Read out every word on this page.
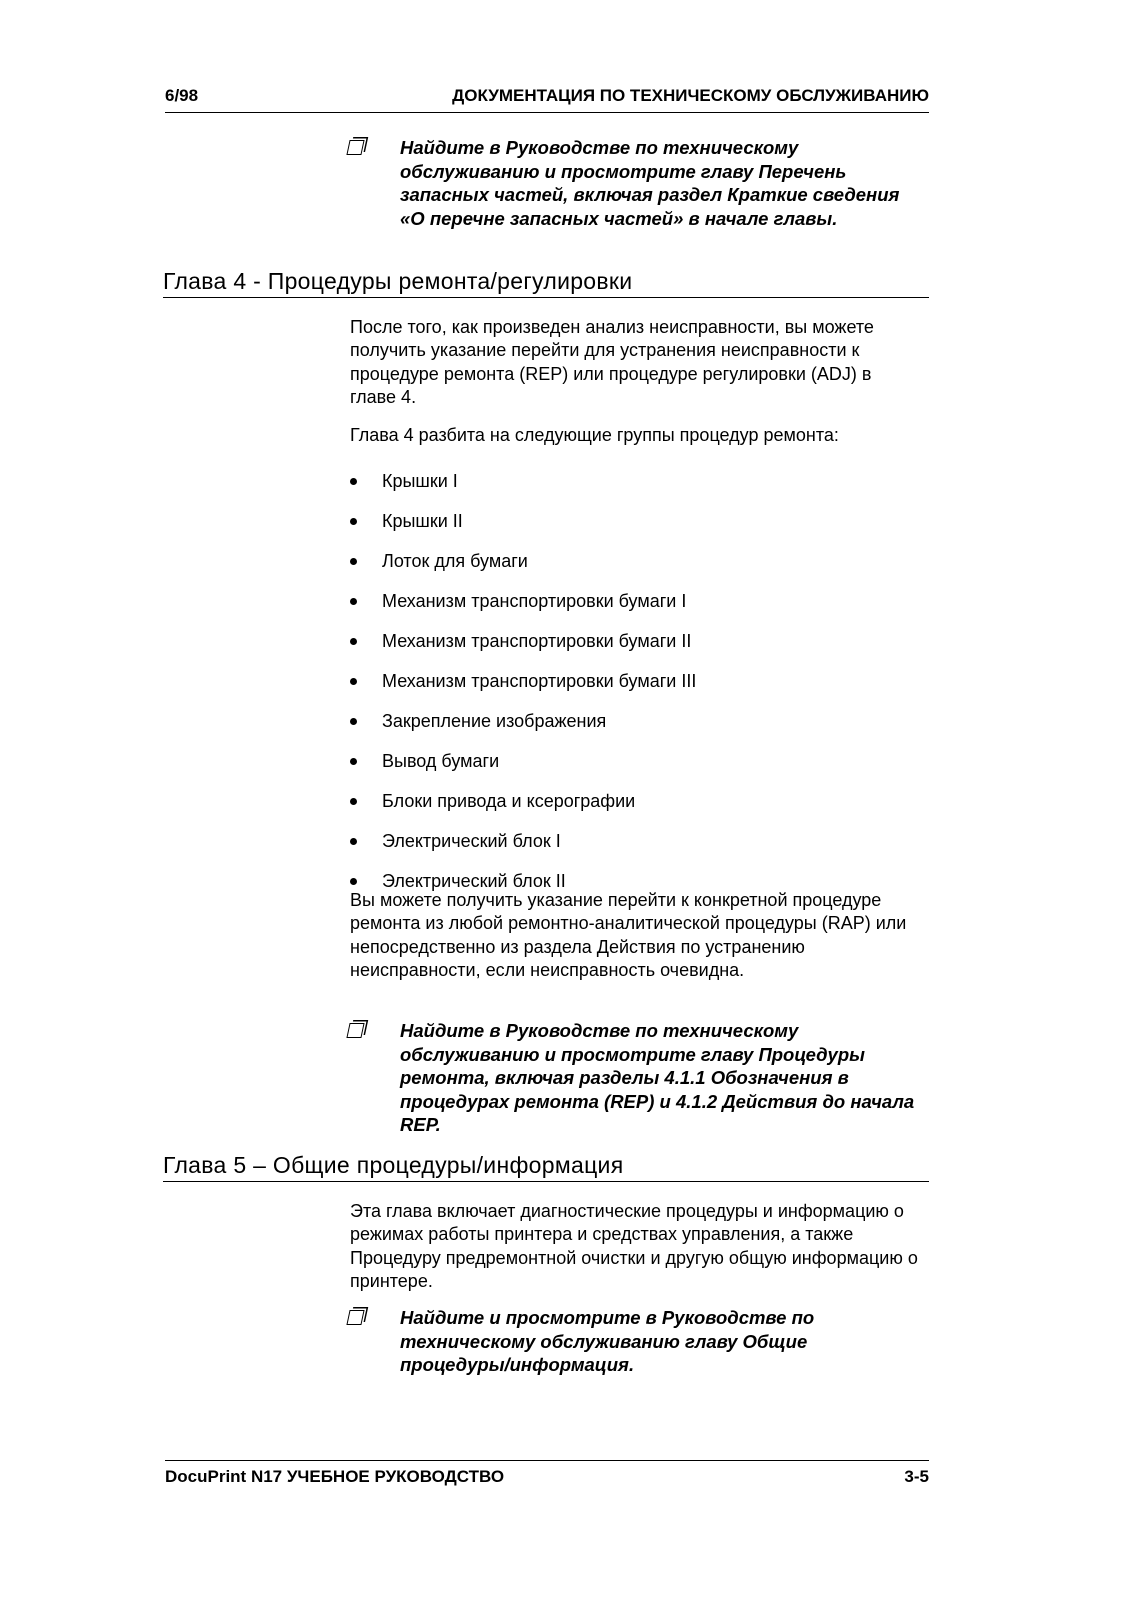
6/98	ДОКУМЕНТАЦИЯ ПО ТЕХНИЧЕСКОМУ ОБСЛУЖИВАНИЮ
Найдите в Руководстве по техническому обслуживанию и просмотрите главу Перечень запасных частей, включая раздел Краткие сведения «О перечне запасных частей» в начале главы.
Глава 4 - Процедуры ремонта/регулировки

После того, как произведен анализ неисправности, вы можете получить указание перейти для устранения неисправности к процедуре ремонта (REP) или процедуре регулировки (ADJ) в главе 4.

Глава 4 разбита на следующие группы процедур ремонта:

Крышки I
Крышки II
Лоток для бумаги
Механизм транспортировки бумаги I
Механизм транспортировки бумаги II
Механизм транспортировки бумаги III
Закрепление изображения
Вывод бумаги
Блоки привода и ксерографии
Электрический блок I
Электрический блок II

Вы можете получить указание перейти к конкретной процедуре ремонта из любой ремонтно-аналитической процедуры (RAP) или непосредственно из раздела Действия по устранению неисправности, если неисправность очевидна.

Найдите в Руководстве по техническому обслуживанию и просмотрите главу Процедуры ремонта, включая разделы 4.1.1 Обозначения в процедурах ремонта (REP) и 4.1.2 Действия до начала REP.
Глава 5 – Общие процедуры/информация

Эта глава включает диагностические процедуры и информацию о режимах работы принтера и средствах управления, а также Процедуру предремонтной очистки и другую общую информацию о принтере.

Найдите и просмотрите в Руководстве по техническому обслуживанию главу Общие процедуры/информация.
DocuPrint N17 УЧЕБНОЕ РУКОВОДСТВО	3-5
